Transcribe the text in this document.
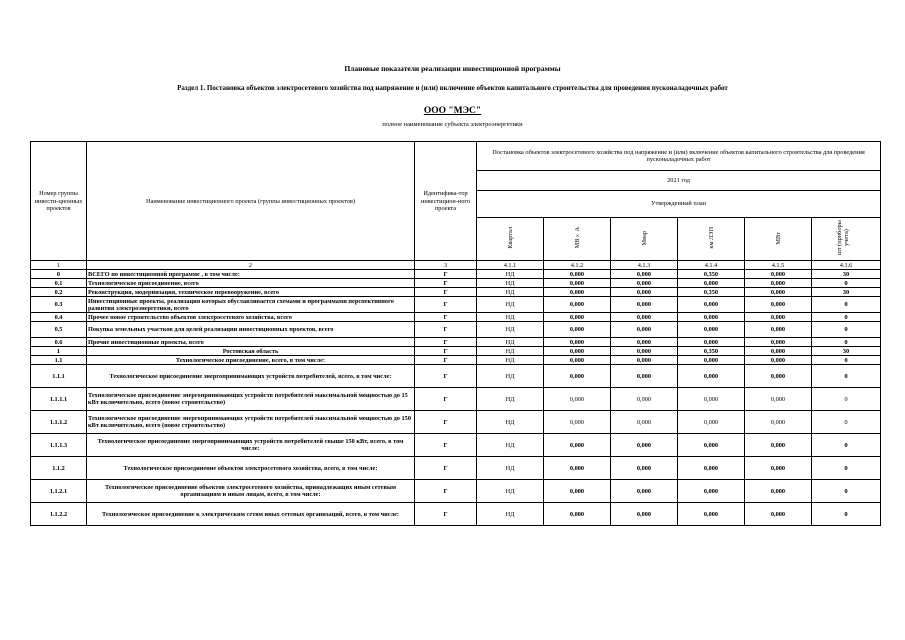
Плановые показатели реализации инвестиционной программы
Раздел 1. Постановка объектов электросетевого хозяйства под напряжение и (или) включение объектов капитального строительства для проведения пусконаладочных работ
ООО "МЭС"
полное наименование субъекта электроэнергетики
Номер группы инвести-ционных проектов	Наименование инвестиционного проекта (группы инвестиционных проектов)	Идентифика-тор инвестицион-ного проекта	Постановка объектов электросетевого хозяйства под напряжение и (или) включение объектов капитального строительства для проведения пусконаладочных работ					
			2021 год					
			Утвержденный план					
			Квартал	МВ×А	Мвар	км ЛЭП	МВт	шт (приборы учета)
1	2	3	4.1.1	4.1.2	4.1.3	4.1.4	4.1.5	4.1.6
0	ВСЕГО по инвестиционной программе , в том числе:	Г	НД	0,000	0,000	0,350	0,000	30
0.1	Технологическое присоединение, всего	Г	НД	0,000	0,000	0,000	0,000	0
0.2	Реконструкция, модернизация, техническое перевооружение, всего	Г	НД	0,000	0,000	0,350	0,000	30
0.3	Инвестиционные проекты, реализация которых обуславливается схемами и программами перспективного развития электроэнергетики, всего	Г	НД	0,000	0,000	0,000	0,000	0
0.4	Прочее новое строительство объектов электросетевого хозяйства, всего	Г	НД	0,000	0,000	0,000	0,000	0
0.5	Покупка земельных участков для целей реализации инвестиционных проектов, всего	Г	НД	0,000	0,000	0,000	0,000	0
0.6	Прочие инвестиционные проекты, всего	Г	НД	0,000	0,000	0,000	0,000	0
1	Ростовская область	Г	НД	0,000	0,000	0,350	0,000	30
1.1	Технологическое присоединение, всего, в том числе:	Г	НД	0,000	0,000	0,000	0,000	0
1.1.1	Технологическое присоединение энергопринимающих устройств потребителей, всего, в том числе:	Г	НД	0,000	0,000	0,000	0,000	0
1.1.1.1	Технологическое присоединение энергопринимающих устройств потребителей максимальной мощностью до 15 кВт включительно, всего (новое строительство)	Г	НД	0,000	0,000	0,000	0,000	0
1.1.1.2	Технологическое присоединение энергопринимающих устройств потребителей максимальной мощностью до 150 кВт включительно, всего (новое строительство)	Г	НД	0,000	0,000	0,000	0,000	0
1.1.1.3	Технологическое присоединение энергопринимающих устройств потребителей свыше 150 кВт, всего, в том числе:	Г	НД	0,000	0,000	0,000	0,000	0
1.1.2	Технологическое присоединение объектов электросетевого хозяйства, всего, в том числе:	Г	НД	0,000	0,000	0,000	0,000	0
1.1.2.1	Технологическое присоединение объектов электросетевого хозяйства, принадлежащих иным сетевым организациям и иным лицам, всего, в том числе:	Г	НД	0,000	0,000	0,000	0,000	0
1.1.2.2	Технологическое присоединение к электрическим сетям иных сетевых организаций, всего, в том числе:	Г	НД	0,000	0,000	0,000	0,000	0
